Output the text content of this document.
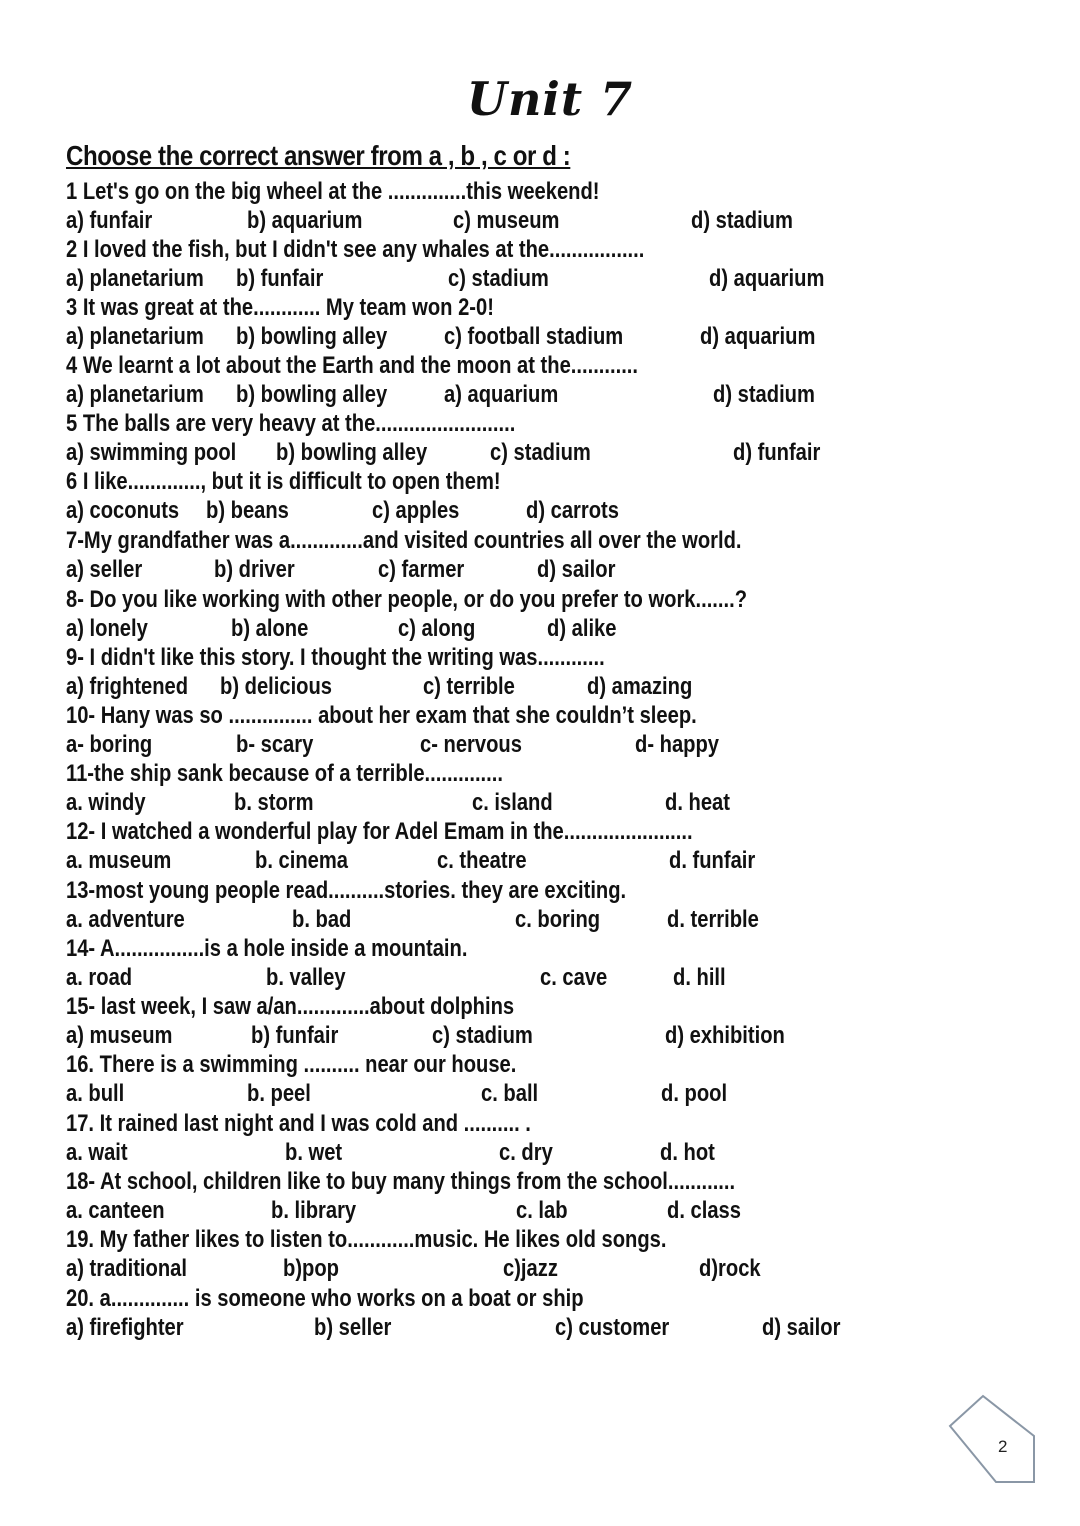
Unit 7
Choose the correct answer from a , b , c or d :
1 Let's go on the big wheel at the ..............this weekend!
a) funfair	b) aquarium	c) museum	d) stadium
2 I loved the fish, but I didn't see any whales at the.................
a) planetarium b) funfair	c) stadium	d) aquarium
3 It was great at the............ My team won 2-0!
a) planetarium b) bowling alley c) football stadium	d) aquarium
4 We learnt a lot about the Earth and the moon at the............
a) planetarium b) bowling alley a) aquarium	d) stadium
5 The balls are very heavy at the.........................
a) swimming pool b) bowling alley	c) stadium	d) funfair
6 I like............., but it is difficult to open them!
a) coconuts b) beans	c) apples	d) carrots
7-My grandfather was a.............and visited countries all over the world.
a) seller	b) driver	c) farmer	d) sailor
8- Do you like working with other people, or do you prefer to work.......?
a) lonely	b) alone	c) along	d) alike
9- I didn't like this story. I thought the writing was............
a) frightened b) delicious	c) terrible	d) amazing
10- Hany was so ............... about her exam that she couldn’t sleep.
a- boring	b- scary	c- nervous	d- happy
11-the ship sank because of a terrible..............
a. windy	b. storm	c. island	d. heat
12- I watched a wonderful play for Adel Emam in the.......................
a. museum	b. cinema	c. theatre	d. funfair
13-most young people read..........stories. they are exciting.
a. adventure	b. bad	c. boring	d. terrible
14- A................is a hole inside a mountain.
a. road	b. valley	c. cave	d. hill
15- last week, I saw a/an.............about dolphins
a) museum	b) funfair	c) stadium	d) exhibition
16. There is a swimming .......... near our house.
a. bull	b. peel	c. ball	d. pool
17. It rained last night and I was cold and .......... .
a. wait	b. wet	c. dry	d. hot
18- At school, children like to buy many things from the school............
a. canteen	b. library	c. lab	d. class
19. My father likes to listen to............music. He likes old songs.
a) traditional	b)pop	c)jazz	d)rock
20. a.............. is someone who works on a boat or ship
a) firefighter	b) seller	c) customer	d) sailor
2
